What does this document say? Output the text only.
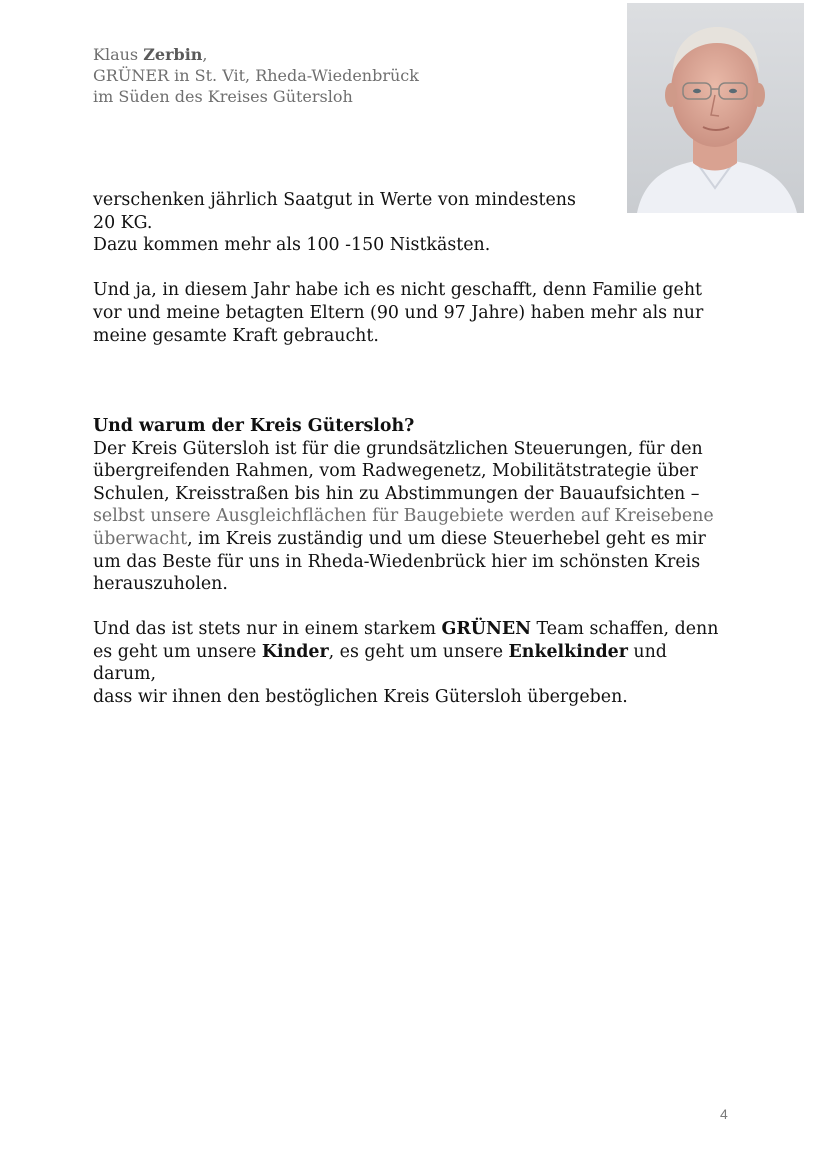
Klaus Zerbin,
GRÜNER in St. Vit, Rheda-Wiedenbrück
im Süden des Kreises Gütersloh

verschenken jährlich Saatgut in Werte von mindestens

20 KG.

Dazu kommen mehr als 100 -150 Nistkästen.

Und ja, in diesem Jahr habe ich es nicht geschafft, denn Familie geht

vor und meine betagten Eltern (90 und 97 Jahre) haben mehr als nur

meine gesamte Kraft gebraucht.

Und warum der Kreis Gütersloh?

Der Kreis Gütersloh ist für die grundsätzlichen Steuerungen, für den

übergreifenden Rahmen, vom Radwegenetz, Mobilitätstrategie über

Schulen, Kreisstraßen bis hin zu Abstimmungen der Bauaufsichten –

selbst unsere Ausgleichflächen für Baugebiete werden auf Kreisebene

überwacht, im Kreis zuständig und um diese Steuerhebel geht es mir

um das Beste für uns in Rheda-Wiedenbrück hier im schönsten Kreis

herauszuholen.

Und das ist stets nur in einem starkem GRÜNEN Team schaffen, denn

es geht um unsere Kinder, es geht um unsere Enkelkinder und darum,

dass wir ihnen den bestöglichen Kreis Gütersloh übergeben.

4
